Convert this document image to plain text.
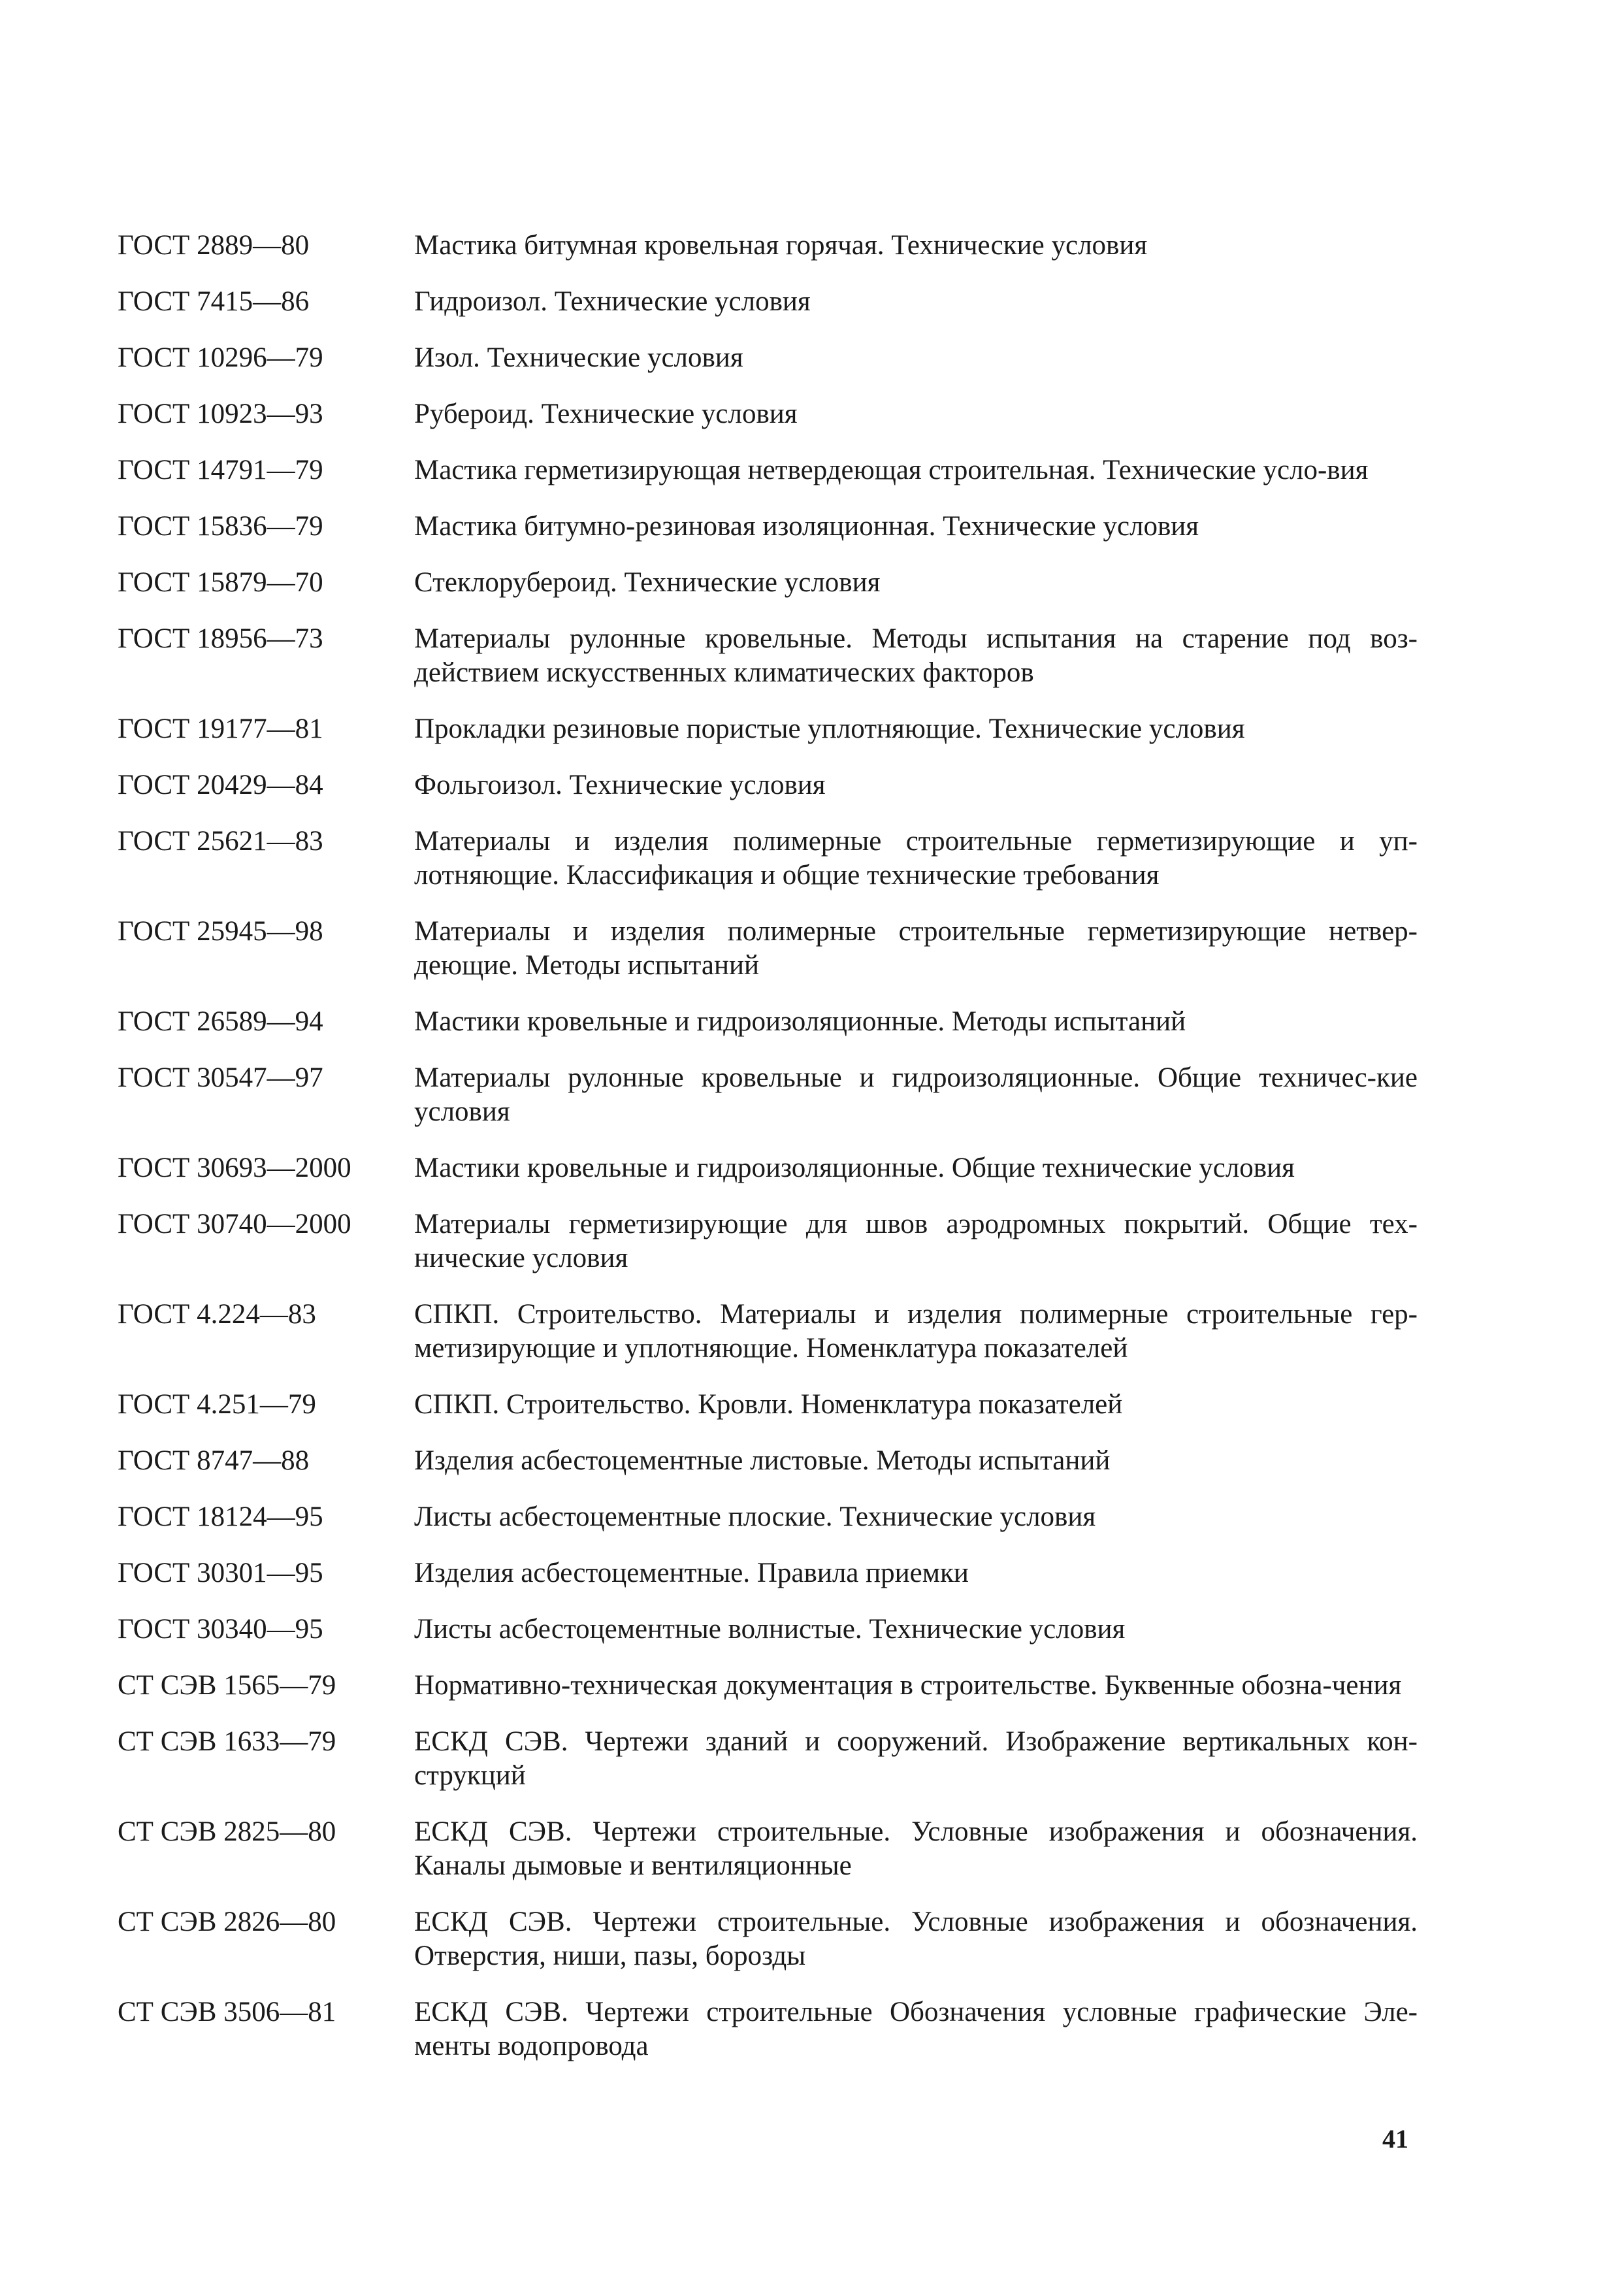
ГОСТ 2889—80	Мастика битумная кровельная горячая. Технические условия
ГОСТ 7415—86	Гидроизол. Технические условия
ГОСТ 10296—79	Изол. Технические условия
ГОСТ 10923—93	Рубероид. Технические условия
ГОСТ 14791—79	Мастика герметизирующая нетвердеющая строительная. Технические усло-вия
ГОСТ 15836—79	Мастика битумно-резиновая изоляционная. Технические условия
ГОСТ 15879—70	Стеклорубероид. Технические условия
ГОСТ 18956—73	Материалы рулонные кровельные. Методы испытания на старение под воз-действием искусственных климатических факторов
ГОСТ 19177—81	Прокладки резиновые пористые уплотняющие. Технические условия
ГОСТ 20429—84	Фольгоизол. Технические условия
ГОСТ 25621—83	Материалы и изделия полимерные строительные герметизирующие и уп-лотняющие. Классификация и общие технические требования
ГОСТ 25945—98	Материалы и изделия полимерные строительные герметизирующие нетвер-деющие. Методы испытаний
ГОСТ 26589—94	Мастики кровельные и гидроизоляционные. Методы испытаний
ГОСТ 30547—97	Материалы рулонные кровельные и гидроизоляционные. Общие техничес-кие условия
ГОСТ 30693—2000	Мастики кровельные и гидроизоляционные. Общие технические условия
ГОСТ 30740—2000	Материалы герметизирующие для швов аэродромных покрытий. Общие тех-нические условия
ГОСТ 4.224—83	СПКП. Строительство. Материалы и изделия полимерные строительные гер-метизирующие и уплотняющие. Номенклатура показателей
ГОСТ 4.251—79	СПКП. Строительство. Кровли. Номенклатура показателей
ГОСТ 8747—88	Изделия асбестоцементные листовые. Методы испытаний
ГОСТ 18124—95	Листы асбестоцементные плоские. Технические условия
ГОСТ 30301—95	Изделия асбестоцементные. Правила приемки
ГОСТ 30340—95	Листы асбестоцементные волнистые. Технические условия
СТ СЭВ 1565—79	Нормативно-техническая документация в строительстве. Буквенные обозна-чения
СТ СЭВ 1633—79	ЕСКД СЭВ. Чертежи зданий и сооружений. Изображение вертикальных кон-струкций
СТ СЭВ 2825—80	ЕСКД СЭВ. Чертежи строительные. Условные изображения и обозначения. Каналы дымовые и вентиляционные
СТ СЭВ 2826—80	ЕСКД СЭВ. Чертежи строительные. Условные изображения и обозначения. Отверстия, ниши, пазы, борозды
СТ СЭВ 3506—81	ЕСКД СЭВ. Чертежи строительные Обозначения условные графические Эле-менты водопровода
41
